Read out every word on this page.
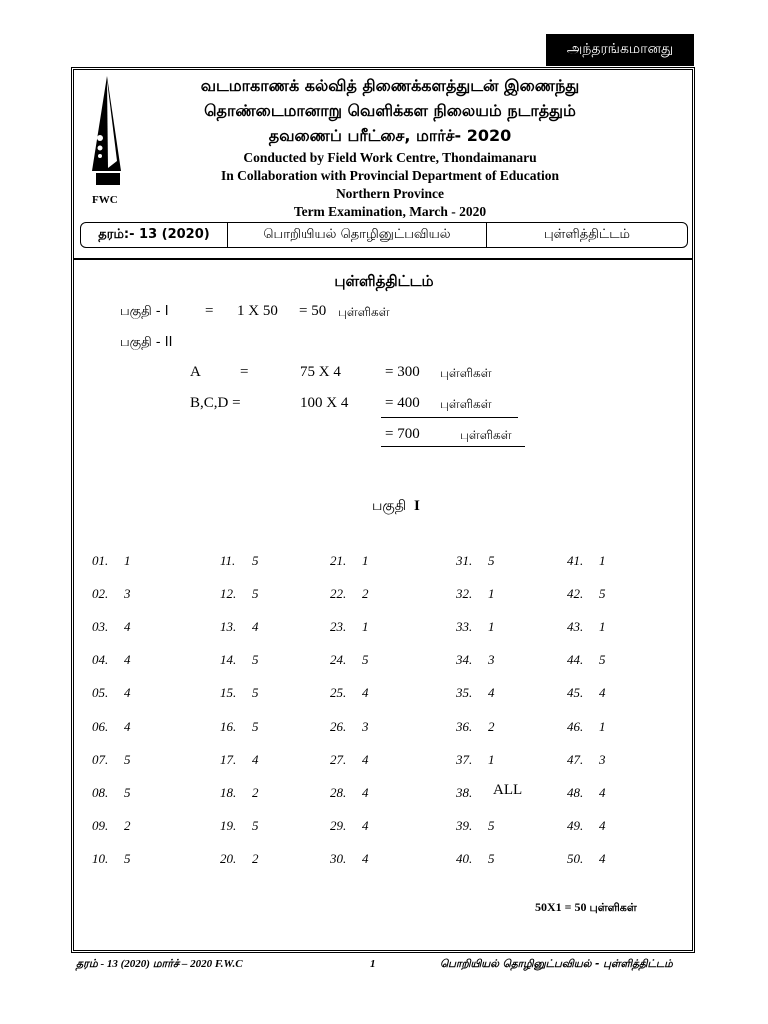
அந்தரங்கமானது
FWC
வடமாகாணக் கல்வித் திணைக்களத்துடன் இணைந்து
தொண்டைமானாறு வெளிக்கள நிலையம் நடாத்தும்
தவணைப் பரீட்சை, மார்ச்- 2020
Conducted by Field Work Centre, Thondaimanaru
In Collaboration with Provincial Department of Education
Northern Province
Term Examination, March - 2020
தரம்:- 13 (2020)	பொறியியல் தொழினுட்பவியல்	புள்ளித்திட்டம்
புள்ளித்திட்டம்
பகுதி - I = 1 X 50 = 50 புள்ளிகள்
பகுதி - II
A	=	75 X 4	= 300 புள்ளிகள்
B,C,D =	100 X 4 = 400 புள்ளிகள்
= 700	புள்ளிகள்
பகுதி I
01. 1
02. 3
03. 4
04. 4
05. 4
06. 4
07. 5
08. 5
09. 2
10. 5
11. 5
12. 5
13. 4
14. 5
15. 5
16. 5
17. 4
18. 2
19. 5
20. 2
21. 1
22. 2
23. 1
24. 5
25. 4
26. 3
27. 4
28. 4
29. 4
30. 4
31. 5
32. 1
33. 1
34. 3
35. 4
36. 2
37. 1
38. ALL
39. 5
40. 5
41. 1
42. 5
43. 1
44. 5
45. 4
46. 1
47. 3
48. 4
49. 4
50. 4
50X1 = 50 புள்ளிகள்
தரம் - 13 (2020) மார்ச் – 2020 F.W.C	1	பொறியியல் தொழினுட்பவியல் - புள்ளித்திட்டம்
